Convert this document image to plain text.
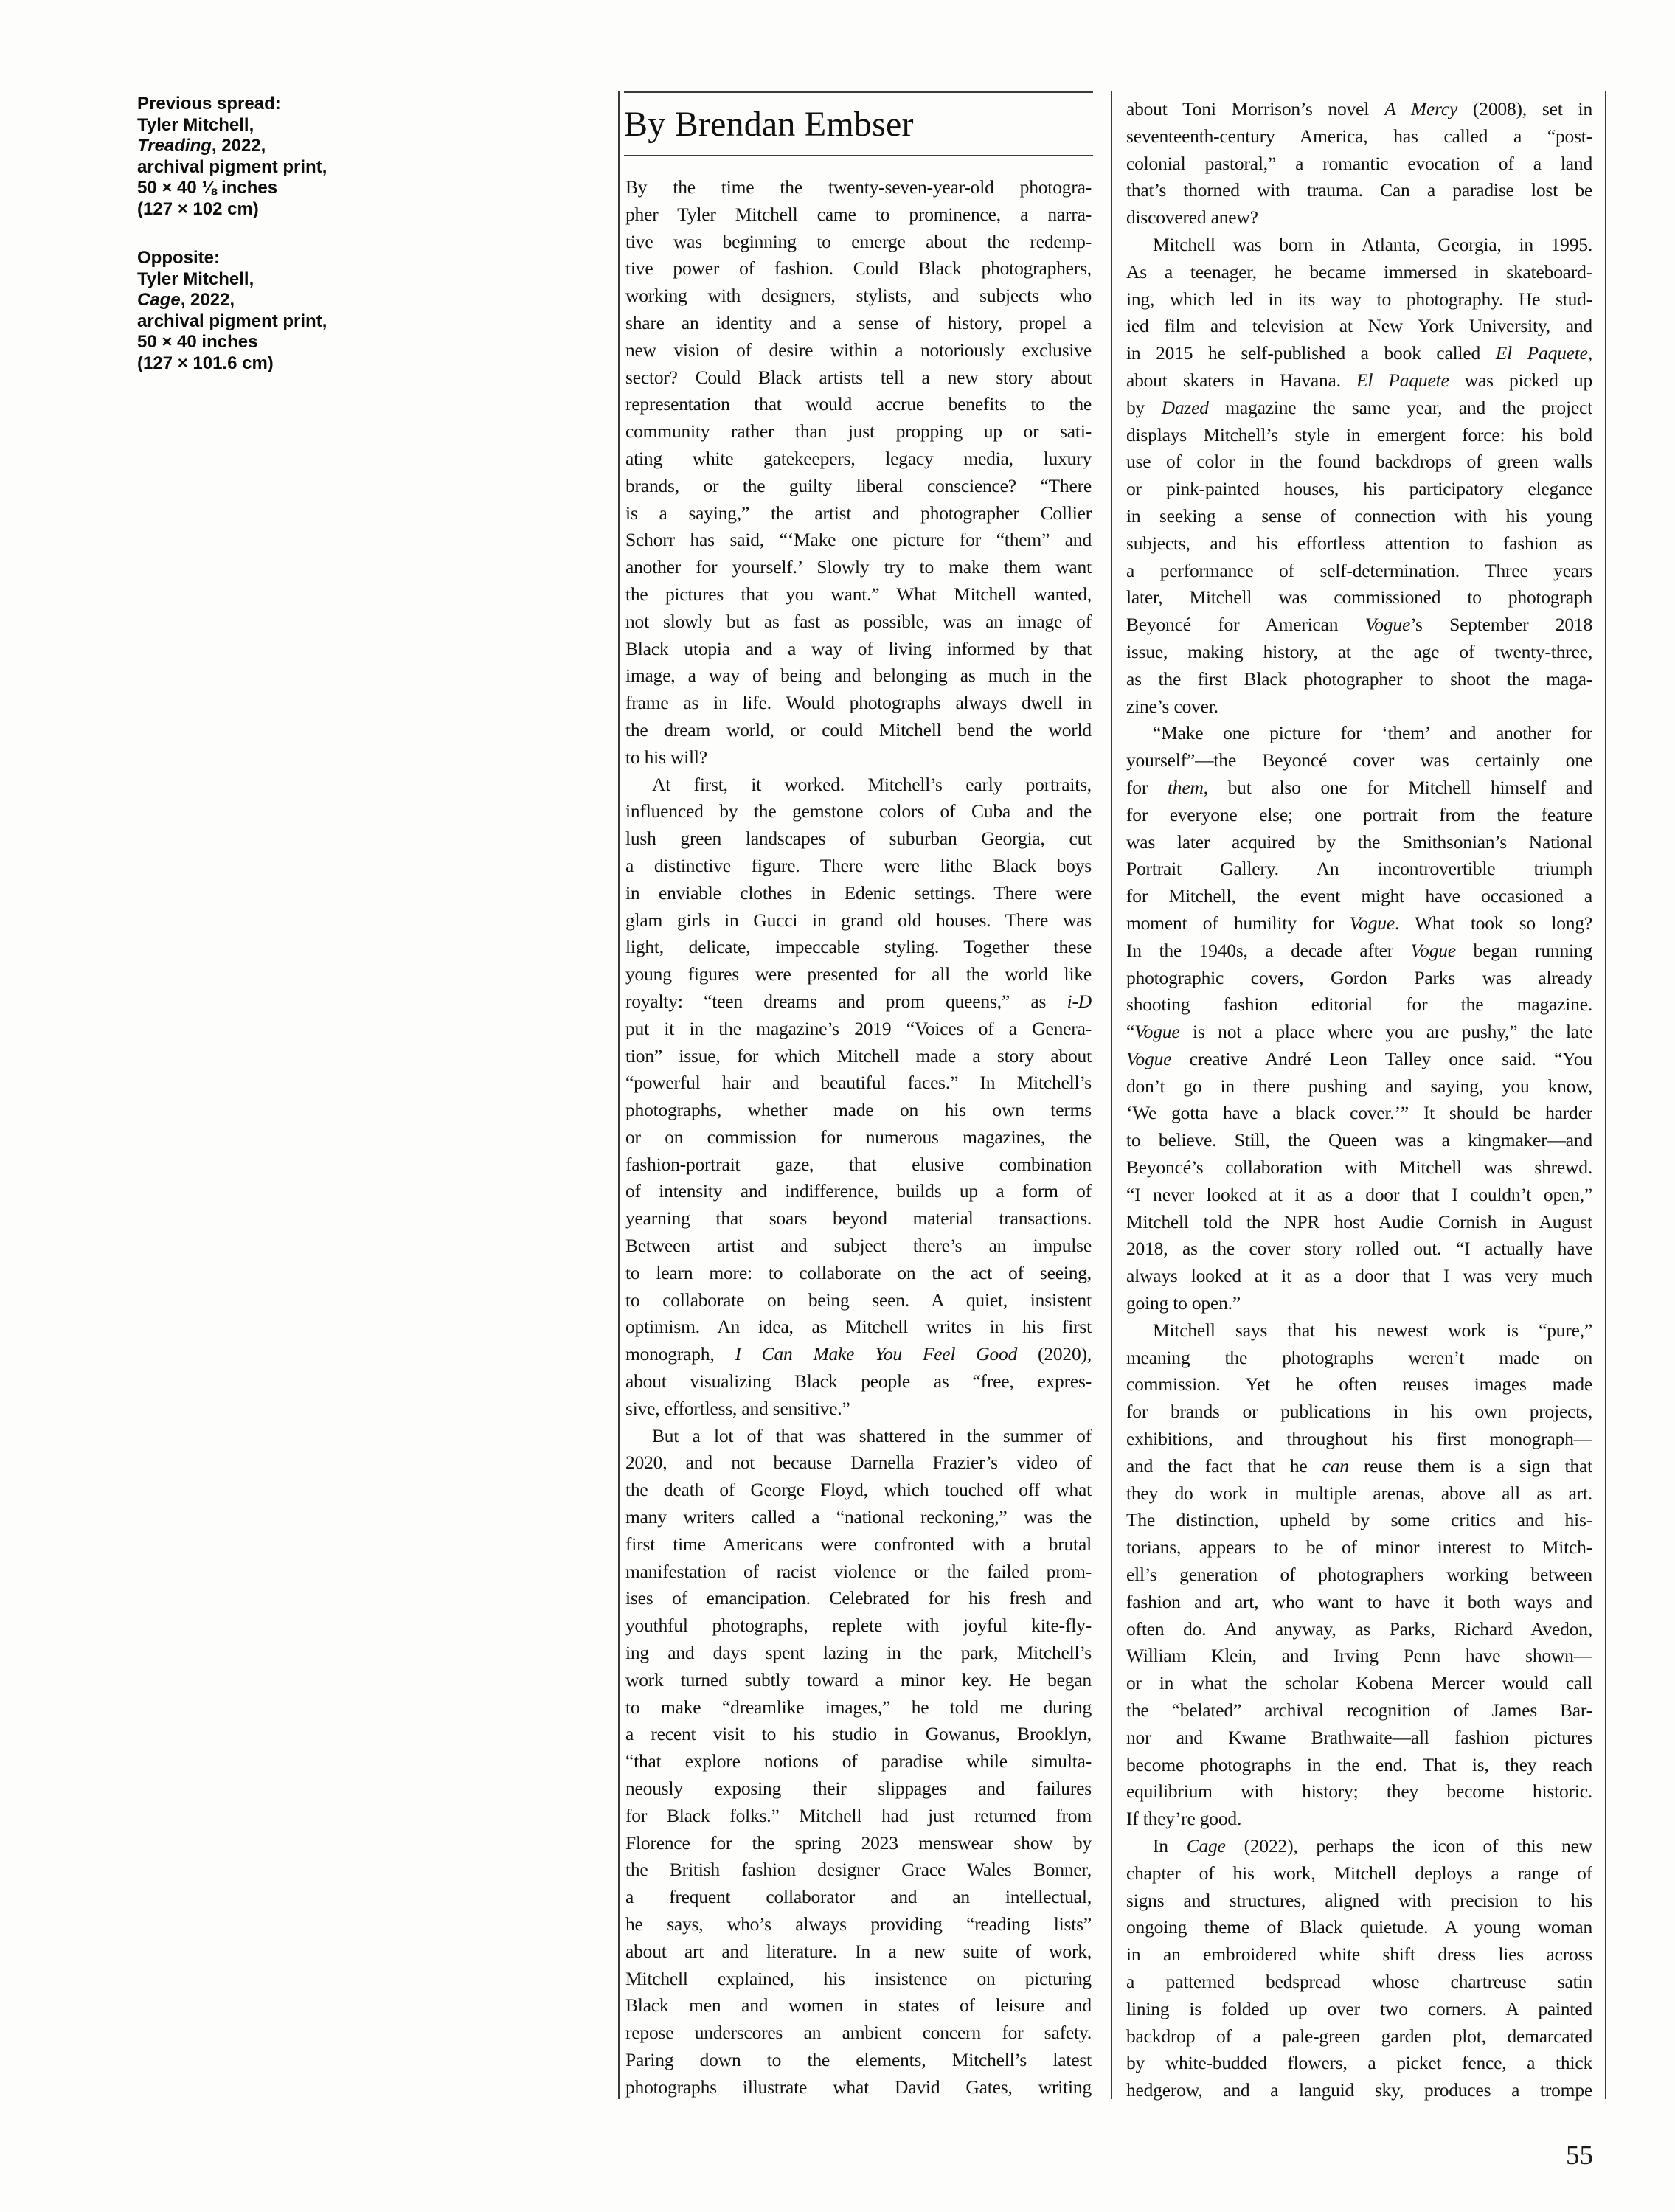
Previous spread:
Tyler Mitchell,
Treading, 2022,
archival pigment print,
50 × 40 ⅛ inches
(127 × 102 cm)
Opposite:
Tyler Mitchell,
Cage, 2022,
archival pigment print,
50 × 40 inches
(127 × 101.6 cm)
By Brendan Embser
By the time the twenty-seven-year-old photogra-
pher Tyler Mitchell came to prominence, a narra-
tive was beginning to emerge about the redemp-
tive power of fashion. Could Black photographers,
working with designers, stylists, and subjects who
share an identity and a sense of history, propel a
new vision of desire within a notoriously exclusive
sector? Could Black artists tell a new story about
representation that would accrue benefits to the
community rather than just propping up or sati-
ating white gatekeepers, legacy media, luxury
brands, or the guilty liberal conscience? “There
is a saying,” the artist and photographer Collier
Schorr has said, “‘Make one picture for “them” and
another for yourself.’ Slowly try to make them want
the pictures that you want.” What Mitchell wanted,
not slowly but as fast as possible, was an image of
Black utopia and a way of living informed by that
image, a way of being and belonging as much in the
frame as in life. Would photographs always dwell in
the dream world, or could Mitchell bend the world
to his will?
At first, it worked. Mitchell’s early portraits,
influenced by the gemstone colors of Cuba and the
lush green landscapes of suburban Georgia, cut
a distinctive figure. There were lithe Black boys
in enviable clothes in Edenic settings. There were
glam girls in Gucci in grand old houses. There was
light, delicate, impeccable styling. Together these
young figures were presented for all the world like
royalty: “teen dreams and prom queens,” as i-D
put it in the magazine’s 2019 “Voices of a Genera-
tion” issue, for which Mitchell made a story about
“powerful hair and beautiful faces.” In Mitchell’s
photographs, whether made on his own terms
or on commission for numerous magazines, the
fashion-portrait gaze, that elusive combination
of intensity and indifference, builds up a form of
yearning that soars beyond material transactions.
Between artist and subject there’s an impulse
to learn more: to collaborate on the act of seeing,
to collaborate on being seen. A quiet, insistent
optimism. An idea, as Mitchell writes in his first
monograph, I Can Make You Feel Good (2020),
about visualizing Black people as “free, expres-
sive, effortless, and sensitive.”
But a lot of that was shattered in the summer of
2020, and not because Darnella Frazier’s video of
the death of George Floyd, which touched off what
many writers called a “national reckoning,” was the
first time Americans were confronted with a brutal
manifestation of racist violence or the failed prom-
ises of emancipation. Celebrated for his fresh and
youthful photographs, replete with joyful kite-fly-
ing and days spent lazing in the park, Mitchell’s
work turned subtly toward a minor key. He began
to make “dreamlike images,” he told me during
a recent visit to his studio in Gowanus, Brooklyn,
“that explore notions of paradise while simulta-
neously exposing their slippages and failures
for Black folks.” Mitchell had just returned from
Florence for the spring 2023 menswear show by
the British fashion designer Grace Wales Bonner,
a frequent collaborator and an intellectual,
he says, who’s always providing “reading lists”
about art and literature. In a new suite of work,
Mitchell explained, his insistence on picturing
Black men and women in states of leisure and
repose underscores an ambient concern for safety.
Paring down to the elements, Mitchell’s latest
photographs illustrate what David Gates, writing
about Toni Morrison’s novel A Mercy (2008), set in
seventeenth-century America, has called a “post-
colonial pastoral,” a romantic evocation of a land
that’s thorned with trauma. Can a paradise lost be
discovered anew?
Mitchell was born in Atlanta, Georgia, in 1995.
As a teenager, he became immersed in skateboard-
ing, which led in its way to photography. He stud-
ied film and television at New York University, and
in 2015 he self-published a book called El Paquete,
about skaters in Havana. El Paquete was picked up
by Dazed magazine the same year, and the project
displays Mitchell’s style in emergent force: his bold
use of color in the found backdrops of green walls
or pink-painted houses, his participatory elegance
in seeking a sense of connection with his young
subjects, and his effortless attention to fashion as
a performance of self-determination. Three years
later, Mitchell was commissioned to photograph
Beyoncé for American Vogue’s September 2018
issue, making history, at the age of twenty-three,
as the first Black photographer to shoot the maga-
zine’s cover.
“Make one picture for ‘them’ and another for
yourself”—the Beyoncé cover was certainly one
for them, but also one for Mitchell himself and
for everyone else; one portrait from the feature
was later acquired by the Smithsonian’s National
Portrait Gallery. An incontrovertible triumph
for Mitchell, the event might have occasioned a
moment of humility for Vogue. What took so long?
In the 1940s, a decade after Vogue began running
photographic covers, Gordon Parks was already
shooting fashion editorial for the magazine.
“Vogue is not a place where you are pushy,” the late
Vogue creative André Leon Talley once said. “You
don’t go in there pushing and saying, you know,
‘We gotta have a black cover.’” It should be harder
to believe. Still, the Queen was a kingmaker—and
Beyoncé’s collaboration with Mitchell was shrewd.
“I never looked at it as a door that I couldn’t open,”
Mitchell told the NPR host Audie Cornish in August
2018, as the cover story rolled out. “I actually have
always looked at it as a door that I was very much
going to open.”
Mitchell says that his newest work is “pure,”
meaning the photographs weren’t made on
commission. Yet he often reuses images made
for brands or publications in his own projects,
exhibitions, and throughout his first monograph—
and the fact that he can reuse them is a sign that
they do work in multiple arenas, above all as art.
The distinction, upheld by some critics and his-
torians, appears to be of minor interest to Mitch-
ell’s generation of photographers working between
fashion and art, who want to have it both ways and
often do. And anyway, as Parks, Richard Avedon,
William Klein, and Irving Penn have shown—
or in what the scholar Kobena Mercer would call
the “belated” archival recognition of James Bar-
nor and Kwame Brathwaite—all fashion pictures
become photographs in the end. That is, they reach
equilibrium with history; they become historic.
If they’re good.
In Cage (2022), perhaps the icon of this new
chapter of his work, Mitchell deploys a range of
signs and structures, aligned with precision to his
ongoing theme of Black quietude. A young woman
in an embroidered white shift dress lies across
a patterned bedspread whose chartreuse satin
lining is folded up over two corners. A painted
backdrop of a pale-green garden plot, demarcated
by white-budded flowers, a picket fence, a thick
hedgerow, and a languid sky, produces a trompe
55
